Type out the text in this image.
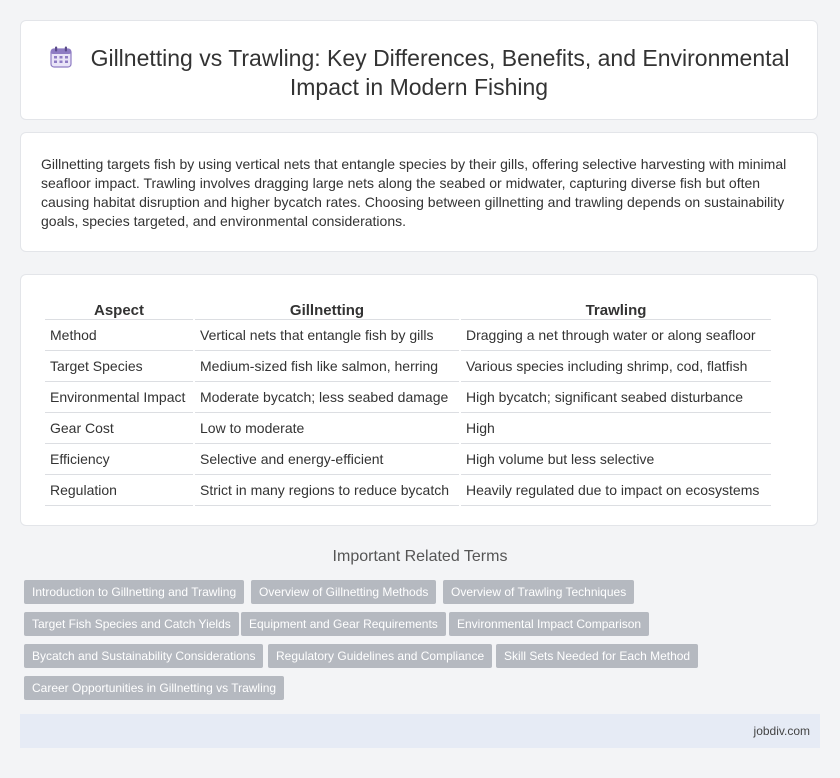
Gillnetting vs Trawling: Key Differences, Benefits, and Environmental Impact in Modern Fishing

Gillnetting targets fish by using vertical nets that entangle species by their gills, offering selective harvesting with minimal seafloor impact. Trawling involves dragging large nets along the seabed or midwater, capturing diverse fish but often causing habitat disruption and higher bycatch rates. Choosing between gillnetting and trawling depends on sustainability goals, species targeted, and environmental considerations.

Aspect	Gillnetting	Trawling
Method	Vertical nets that entangle fish by gills	Dragging a net through water or along seafloor
Target Species	Medium-sized fish like salmon, herring	Various species including shrimp, cod, flatfish
Environmental Impact	Moderate bycatch; less seabed damage	High bycatch; significant seabed disturbance
Gear Cost	Low to moderate	High
Efficiency	Selective and energy-efficient	High volume but less selective
Regulation	Strict in many regions to reduce bycatch	Heavily regulated due to impact on ecosystems
Important Related Terms
Introduction to Gillnetting and Trawling	Overview of Gillnetting Methods	Overview of Trawling Techniques
Target Fish Species and Catch Yields	Equipment and Gear Requirements	Environmental Impact Comparison
Bycatch and Sustainability Considerations	Regulatory Guidelines and Compliance	Skill Sets Needed for Each Method
Career Opportunities in Gillnetting vs Trawling
jobdiv.com
